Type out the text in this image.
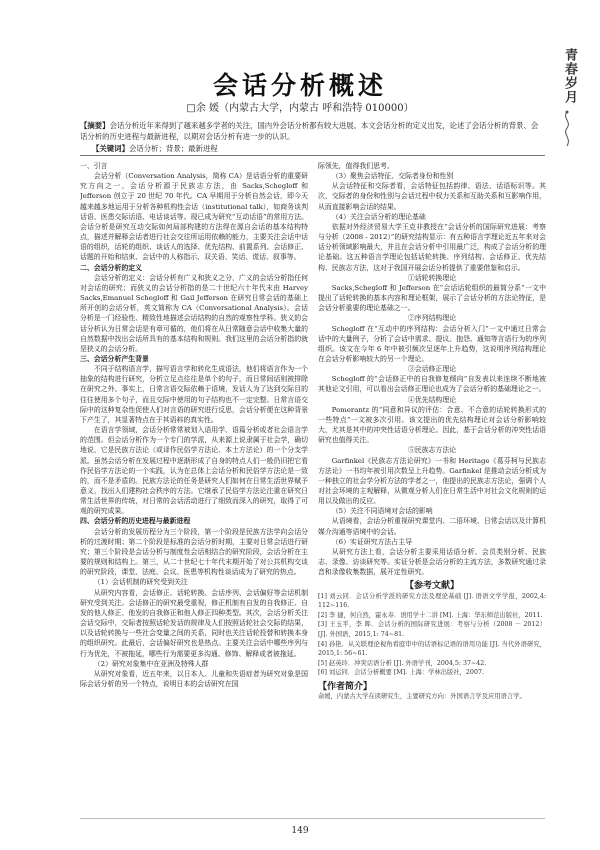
青春岁月
会话分析概述
□余 媛（内蒙古大学，内蒙古 呼和浩特 010000）
【摘要】会话分析近年来得到了越来越多学者的关注，国内外会话分析都有较大进展。本文会话分析的定义出发，论述了会话分析的背景、会话分析的历史进程与最新进程，以期对会话分析有进一步的认识。
【关键词】会话分析；背景；最新进程

一、引言

会话分析（Conversation Analysis，简称 CA）是话语分析的重要研究方向之一，会话分析源于民族志方法，由 Sacks,Schegloff 和 Jefferson 创立于 20 世纪 70 年代。CA 早期用于分析自然会话，即今天越来越多地运用于分析各种机构性会话（institutional talk），如商务谈判话语、医患交际话语、电话谈话等。现已成为研究“互动话语”的常用方法。会话分析是研究互动交际如何局部构建的方法得在源自会话的基本结构特点，描述并解释会话者进行社会交往所运用依赖的能力，主要关注会话中话语的组织，话轮的组织、谈话人的选择、优先结构、前置系列、会话修正、话题的开始和结束、会话中的人称指示、双关语、笑话、谎话、叙事等。

二、会话分析的定义

会话分析的定义：会话分析有广义和狭义之分，广义的会话分析指任何对会话的研究；而狭义的会话分析指的是二十世纪六十年代末由 Harvey Sacks,Emanuel Schegloff 和 Gail Jefferson 在研究日常会话的基础上所开创的会话分析，英文简称为 CA（Conversational Analysis）。会话分析是一门经验性、精致性地描述会话结构的自然的观察性学科。狭义的会话分析认为日常会话是有章可循的，他们将在从日常随意会话中收集大量的自然数据中找出会话所具有的基本结构和规则。我们这里的会话分析指的就是狭义的会话分析。

三、会话分析产生背景

不同于结构语言学，描写语言学和转化生成语法，他们将语言作为一个抽象的结构进行研究，分析立足点往往是单个的句子，而日常间话则被排除在研究之外。事实上，日常言语交际依赖于语境，发话人为了达到交际目的往往使用多个句子，而且交际中使用的句子结构也不一定完整。日常言语交际中的这种复杂性促使人们对言语的研究进行反思，会话分析便在这种背景下产生了，其显著特点在于其语料的真实性。

在语言学领域，会话分析常常被划入语用学、语篇分析或者社会语言学的范围。但会话分析作为一个专门的学派，从来源上说隶属于社会学，确切地说，它是民族方法论（或译作民俗学方法论、本土方法论）的一个分支学派。虽然会话分析在发展过程中逐渐形成了自身的特点人们一般仍旧把它看作民俗学方法论的一个实践，认为在总体上会话分析和民俗学方法论是一致的，而不是矛盾的。民族方法论的任务是研究人们如何在日常生活世界赋予意义，找出人们建构社会秩序的方法。它继承了民俗学方法论注重在研究日常生活世界的传统，对日常的会话活动进行了细致而深入的研究，取得了可观的研究成果。

四、会话分析的历史进程与最新进程

会话分析的发展历程分为三个阶段，第一个阶段是民族方法学向会话分析的过渡时期；第二个阶段是标准的会话分析时期，主要对日常会话进行研究；第三个阶段是会话分析与制度性会话相结合的研究阶段，会话分析在主要的规则和结构上。第三，从二十世纪七十年代末期开始了对公共机构交谈的研究阶段，课堂、法庭、会议、医患等机构性谈话成为了研究的热点。

（1）会话机制的研究受到关注

从研究内容看，会话修正、话轮转换、会话序列、会话偏好等会话机制研究受到关注。会话修正的研究最受重视，修正机制有自发的自我修正、自发的他人修正、他发的自我修正和他人修正四种类型。其次，会话分析关注会话交际中，交际者按照话轮发话的规律及人们按照话轮社会交际的结果，以及话轮转换与一些社会变量之间的关系，同时也关注话轮投替和转换本身的组织研究。此最后，会话偏好研究也是热点。主要关注会话中哪些序列与行为优先，不被拖延，哪些行为需要更多沟通、修饰、解释或者被拖延。

（2）研究对象集中在亚洲及特殊人群

从研究对象看，近五年来，以日本人、儿童和失语症者为研究对象是国际会话分析的另一个特点，说明日本的会话研究在国

际领先，值得我们思考。

（3）聚焦会话特征、交际者身份和性别

从会话特征和交际者看，会话特征包括韵律、语法、话语标识等。其次，交际者的身份和性别与会话过程中权力关系和互助关系和互影响作用，从而直接影响会话的结果。

（4）关注会话分析的理论基础

依据对外经济贸易大学王克非教授在“会话分析的国际研究进展：考察与分析（2008 - 2012）”的研究结构显示：有五种语言学理论近五年来对会话分析领域影响最大，并且在会话分析中引用最广泛，构成了会话分析的理论基础。这五种语言学理论包括话轮转换、序列结构、会话修正、优先结构、民族志方法，这对于我国开展会话分析提供了重要借鉴和启示。

①话轮转换理论

Sacks,Schegloff 和 Jefferson 在“会话话轮组织的最简分系”一文中提出了话轮转换的基本内容和理论框架，展示了会话分析的方法论特征，是会话分析重要的理论基础之一。

②序列结构理论

Schegloff 在“互动中的序列结构：会话分析入门”一文中通过日常会话中的大量例子，分析了会话中需求、提议、抱怨、通知等言语行为的序列组织。该文在今年 6 年中被引频次呈逐年上升趋势，这说明序列结构理论在会话分析影响较大的另一个理论。

③会话修正理论

Schegloff 的“会话修正中的自我修复倾向”自发表以来连续不断地被其他论文引用，可以看出会话修正理论也成为了会话分析的基础理论之一。

④优先结构理论

Pomerantz 的“同意和异议的评估：合意、不合意的话轮转换形式的一些特点”一文被多次引用。该文提出的优先结构理论对会话分析影响较大，尤其是其中的冲突性话语分析理论。因此，基于会话分析的冲突性话语研究也值得关注。

⑤民族志方法论

Garfinkel《民族志方法论研究》一书和 Heritage《葛芬柯与民族志方法论》一书均年被引用次数呈上升趋势。Garfinkel 是推动会话分析成为一种独立的社会学分析方法的学者之一，他提出的民族志方法论，强调个人对社会环境的主观解释，从微观分析人们在日常生活中对社会文化规则的运用以及做出的反应。

（5）关注不同语境对会话的影响

从语境看，会话分析重视研究课堂内、二语环境、日常会话以及计算机媒介沟通等语境中的会话。

（6）实证研究方法占主导

从研究方法上看，会话分析主要采用话语分析、会员类别分析、民族志、录像、访谈研究等。实证分析是会话分析的主流方法，多数研究通过录音和录像收集数据，展开定性研究。

【参考文献】

[1] 刘云同．会话分析学派的研究方法及理论基础 [J]. 语语文学学报，2002,4: 112~116.

[2] 李 捷，何自然，霍永寿．语用学十二讲 [M]. 上海：华东师范出版社，2011.

[3] 王玉平，李 晖．会话分析的国际研究进展：考察与分析（2008 － 2012）[J]. 外国语，2015,1: 74~81.

[4] 孙艳．从关联理论视角看庭审中的话语标记语的语用功能 [J]. 当代外语研究，2015,1: 56~61.

[5] 赵英玲．冲突话语分析 [J]. 外语学刊，2004,5: 37~42.

[6] 刘运同．会话分析概要 [M]. 上海：学林出版社，2007.

【作者简介】

余媛，内蒙古大学在读研究生，主要研究方向：外国语言学及应用语言学。

149
